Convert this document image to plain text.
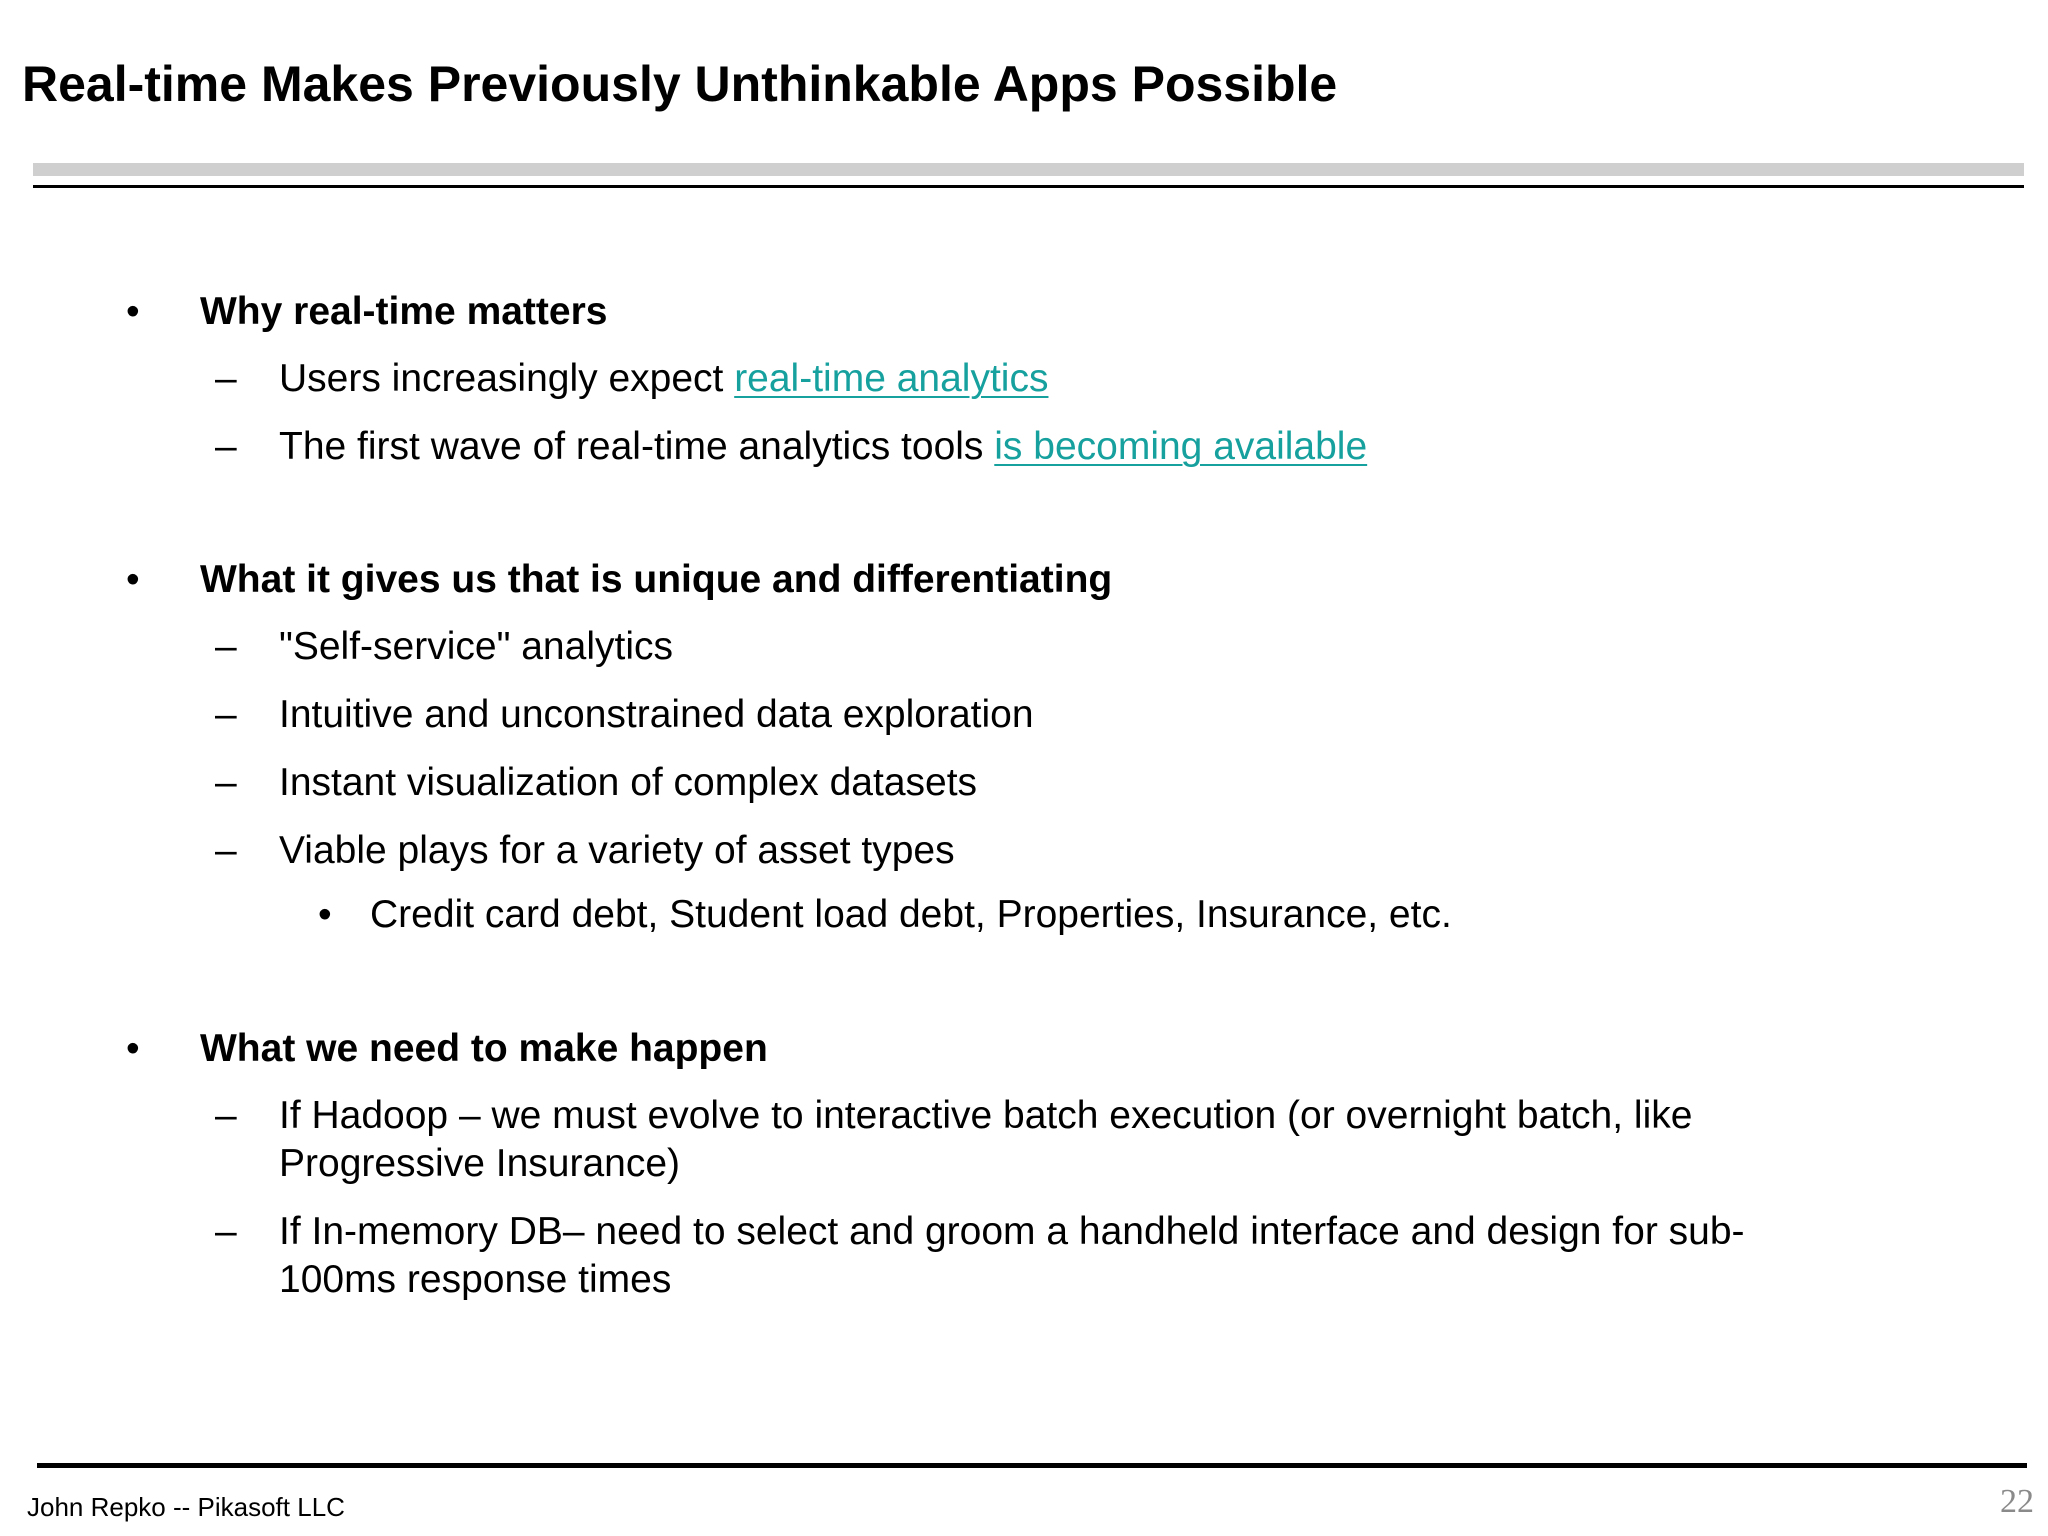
Real-time Makes Previously Unthinkable Apps Possible
• Why real-time matters
– Users increasingly expect real-time analytics
– The first wave of real-time analytics tools is becoming available
• What it gives us that is unique and differentiating
– "Self-service" analytics
– Intuitive and unconstrained data exploration
– Instant visualization of complex datasets
– Viable plays for a variety of asset types
• Credit card debt, Student load debt, Properties, Insurance, etc.
• What we need to make happen
– If Hadoop – we must evolve to interactive batch execution (or overnight batch, like Progressive Insurance)
– If In-memory DB– need to select and groom a handheld interface and design for sub-100ms response times
John Repko -- Pikasoft LLC	22
